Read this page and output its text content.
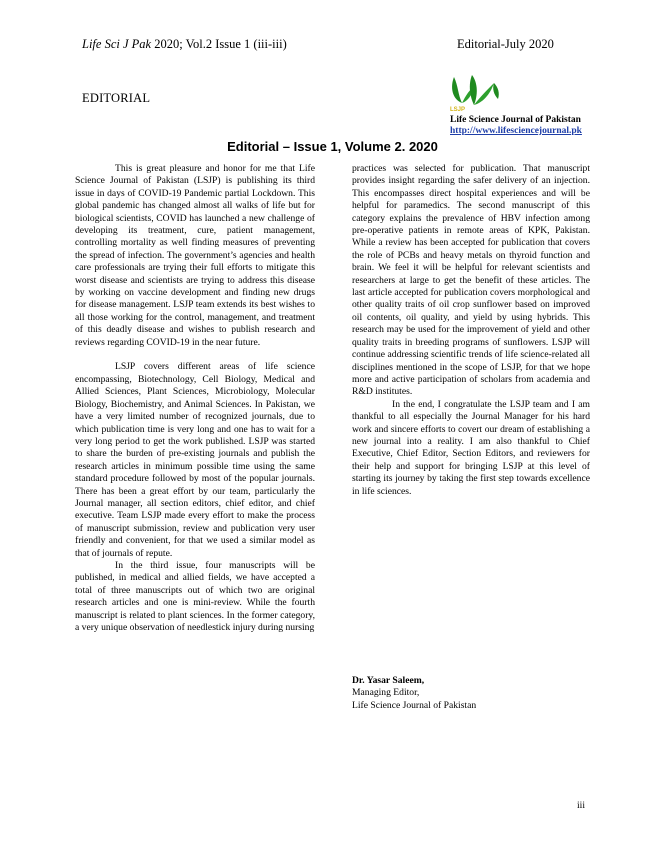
Life Sci J Pak 2020; Vol.2 Issue 1 (iii-iii)	Editorial-July 2020
EDITORIAL
LSJP
Life Science Journal of Pakistan
http://www.lifesciencejournal.pk
Editorial – Issue 1, Volume 2. 2020

This is great pleasure and honor for me that Life Science Journal of Pakistan (LSJP) is publishing its third issue in days of COVID-19 Pandemic partial Lockdown. This global pandemic has changed almost all walks of life but for biological scientists, COVID has launched a new challenge of developing its treatment, cure, patient management, controlling mortality as well finding measures of preventing the spread of infection. The government’s agencies and health care professionals are trying their full efforts to mitigate this worst disease and scientists are trying to address this disease by working on vaccine development and finding new drugs for disease management. LSJP team extends its best wishes to all those working for the control, management, and treatment of this deadly disease and wishes to publish research and reviews regarding COVID-19 in the near future.

LSJP covers different areas of life science encompassing, Biotechnology, Cell Biology, Medical and Allied Sciences, Plant Sciences, Microbiology, Molecular Biology, Biochemistry, and Animal Sciences. In Pakistan, we have a very limited number of recognized journals, due to which publication time is very long and one has to wait for a very long period to get the work published. LSJP was started to share the burden of pre-existing journals and publish the research articles in minimum possible time using the same standard procedure followed by most of the popular journals. There has been a great effort by our team, particularly the Journal manager, all section editors, chief editor, and chief executive. Team LSJP made every effort to make the process of manuscript submission, review and publication very user friendly and convenient, for that we used a similar model as that of journals of repute.

In the third issue, four manuscripts will be published, in medical and allied fields, we have accepted a total of three manuscripts out of which two are original research articles and one is mini-review. While the fourth manuscript is related to plant sciences. In the former category, a very unique observation of needlestick injury during nursing

practices was selected for publication. That manuscript provides insight regarding the safer delivery of an injection. This encompasses direct hospital experiences and will be helpful for paramedics. The second manuscript of this category explains the prevalence of HBV infection among pre-operative patients in remote areas of KPK, Pakistan. While a review has been accepted for publication that covers the role of PCBs and heavy metals on thyroid function and brain. We feel it will be helpful for relevant scientists and researchers at large to get the benefit of these articles. The last article accepted for publication covers morphological and other quality traits of oil crop sunflower based on improved oil contents, oil quality, and yield by using hybrids. This research may be used for the improvement of yield and other quality traits in breeding programs of sunflowers. LSJP will continue addressing scientific trends of life science-related all disciplines mentioned in the scope of LSJP, for that we hope more and active participation of scholars from academia and R&D institutes.

In the end, I congratulate the LSJP team and I am thankful to all especially the Journal Manager for his hard work and sincere efforts to covert our dream of establishing a new journal into a reality. I am also thankful to Chief Executive, Chief Editor, Section Editors, and reviewers for their help and support for bringing LSJP at this level of starting its journey by taking the first step towards excellence in life sciences.

Dr. Yasar Saleem,
Managing Editor,
Life Science Journal of Pakistan
iii
